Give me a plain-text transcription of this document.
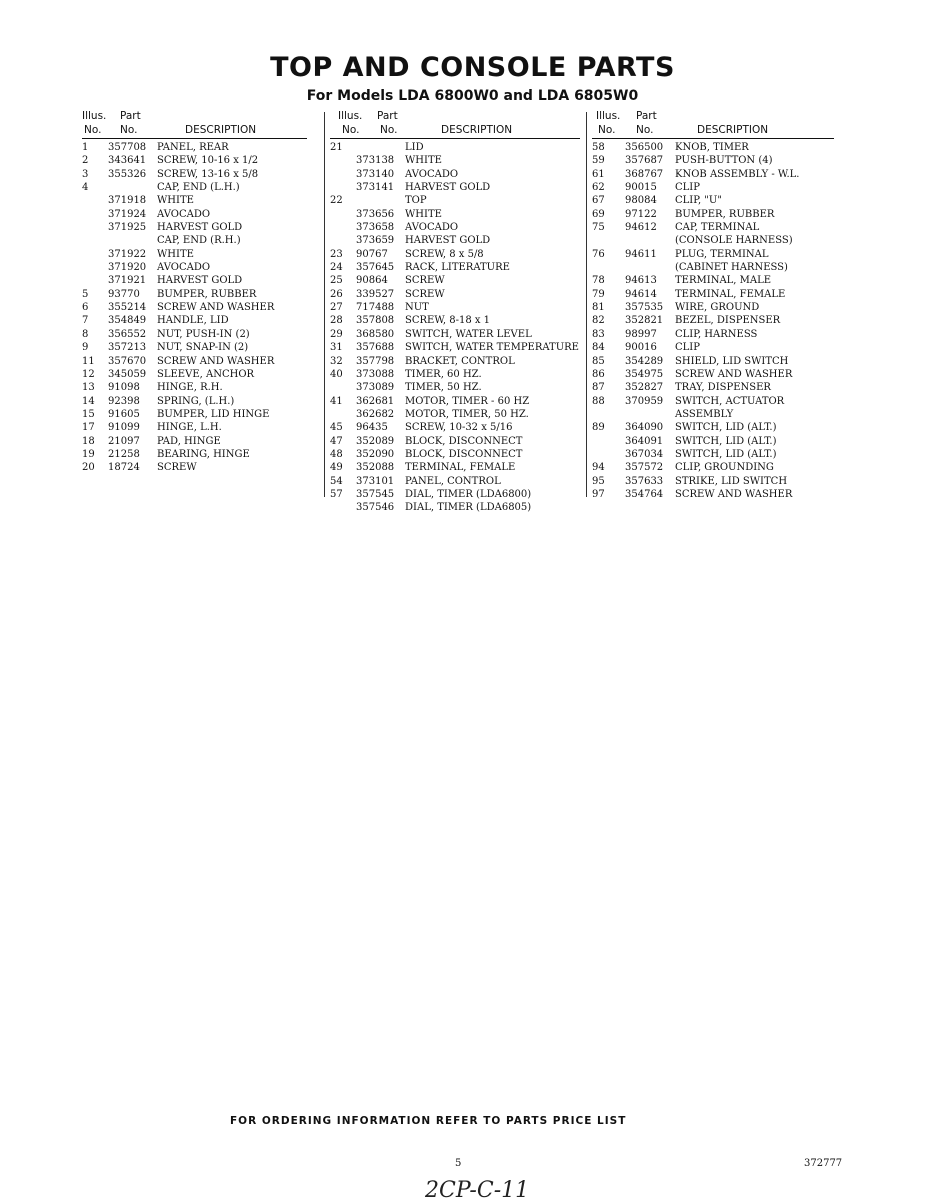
TOP AND CONSOLE PARTS
For Models LDA 6800W0 and LDA 6805W0
Illus. Part
No. No.	DESCRIPTION
1 357708 PANEL, REAR
2 343641 SCREW, 10-16 x 1/2
3 355326 SCREW, 13-16 x 5/8
4	CAP, END (L.H.)
371918 WHITE
371924 AVOCADO
371925 HARVEST GOLD
CAP, END (R.H.)
371922 WHITE
371920 AVOCADO
371921 HARVEST GOLD
5 93770 BUMPER, RUBBER
6 355214 SCREW AND WASHER
7 354849 HANDLE, LID
8 356552 NUT, PUSH-IN (2)
9 357213 NUT, SNAP-IN (2)
11 357670 SCREW AND WASHER
12 345059 SLEEVE, ANCHOR
13 91098 HINGE, R.H.
14 92398 SPRING, (L.H.)
15 91605 BUMPER, LID HINGE
17 91099 HINGE, L.H.
18 21097 PAD, HINGE
19 21258 BEARING, HINGE
20 18724 SCREW
Illus. Part
No. No.	DESCRIPTION
21	LID
373138 WHITE
373140 AVOCADO
373141 HARVEST GOLD
22	TOP
373656 WHITE
373658 AVOCADO
373659 HARVEST GOLD
23 90767 SCREW, 8 x 5/8
24 357645 RACK, LITERATURE
25 90864 SCREW
26 339527 SCREW
27 717488 NUT
28 357808 SCREW, 8-18 x 1
29 368580 SWITCH, WATER LEVEL
31 357688 SWITCH, WATER TEMPERATURE
32 357798 BRACKET, CONTROL
40 373088 TIMER, 60 HZ.
373089 TIMER, 50 HZ.
41 362681 MOTOR, TIMER - 60 HZ
362682 MOTOR, TIMER, 50 HZ.
45 96435 SCREW, 10-32 x 5/16
47 352089 BLOCK, DISCONNECT
48 352090 BLOCK, DISCONNECT
49 352088 TERMINAL, FEMALE
54 373101 PANEL, CONTROL
57 357545 DIAL, TIMER (LDA6800)
357546 DIAL, TIMER (LDA6805)
Illus. Part
No. No.	DESCRIPTION
58 356500 KNOB, TIMER
59 357687 PUSH-BUTTON (4)
61 368767 KNOB ASSEMBLY - W.L.
62 90015 CLIP
67 98084 CLIP, "U"
69 97122 BUMPER, RUBBER
75 94612 CAP, TERMINAL
(CONSOLE HARNESS)
76 94611 PLUG, TERMINAL
(CABINET HARNESS)
78 94613 TERMINAL, MALE
79 94614 TERMINAL, FEMALE
81 357535 WIRE, GROUND
82 352821 BEZEL, DISPENSER
83 98997 CLIP, HARNESS
84 90016 CLIP
85 354289 SHIELD, LID SWITCH
86 354975 SCREW AND WASHER
87 352827 TRAY, DISPENSER
88 370959 SWITCH, ACTUATOR
ASSEMBLY
89 364090 SWITCH, LID (ALT.)
364091 SWITCH, LID (ALT.)
367034 SWITCH, LID (ALT.)
94 357572 CLIP, GROUNDING
95 357633 STRIKE, LID SWITCH
97 354764 SCREW AND WASHER
FOR ORDERING INFORMATION REFER TO PARTS PRICE LIST
5	372777
2CP-C-11
